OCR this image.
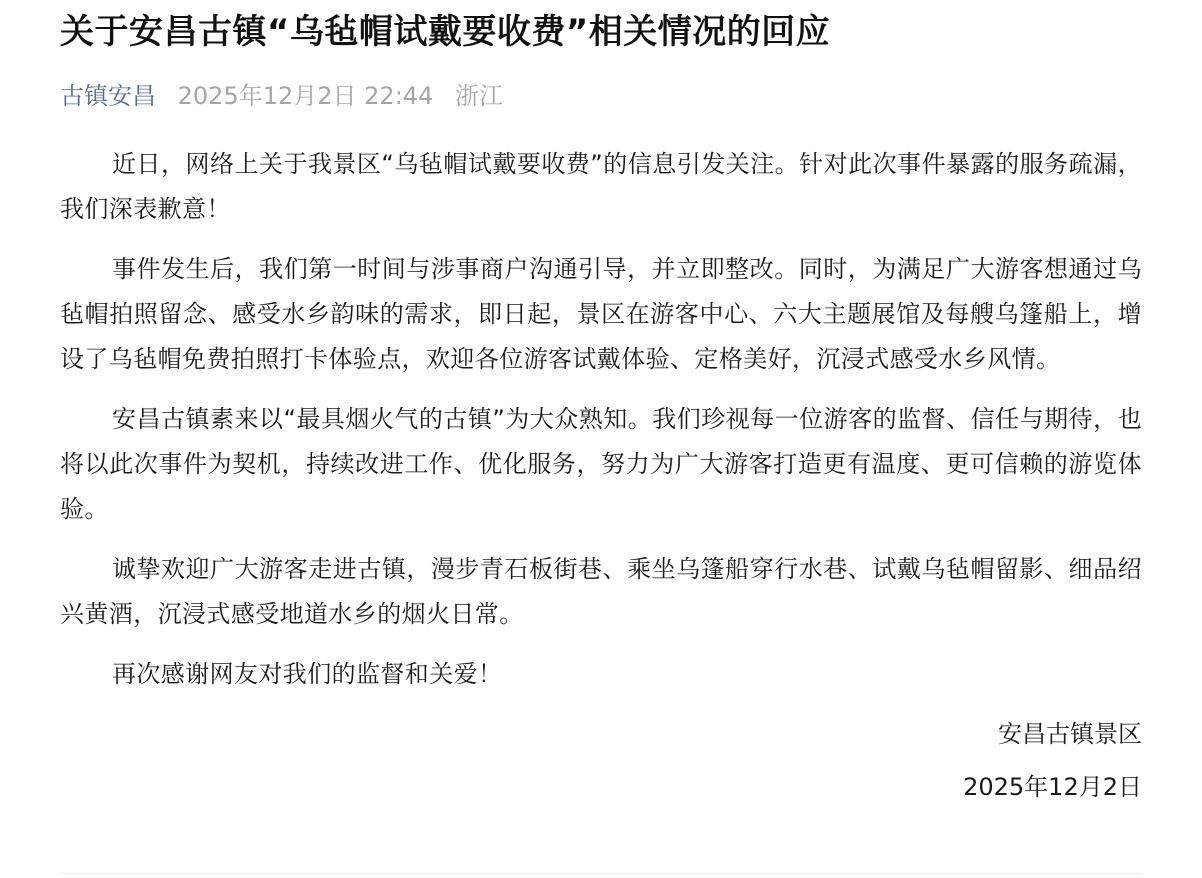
关于安昌古镇“乌毡帽试戴要收费”相关情况的回应
古镇安昌 2025年12月2日 22:44 浙江

近日，网络上关于我景区“乌毡帽试戴要收费”的信息引发关注。针对此次事件暴露的服务疏漏，我们深表歉意！

事件发生后，我们第一时间与涉事商户沟通引导，并立即整改。同时，为满足广大游客想通过乌毡帽拍照留念、感受水乡韵味的需求，即日起，景区在游客中心、六大主题展馆及每艘乌篷船上，增设了乌毡帽免费拍照打卡体验点，欢迎各位游客试戴体验、定格美好，沉浸式感受水乡风情。

安昌古镇素来以“最具烟火气的古镇”为大众熟知。我们珍视每一位游客的监督、信任与期待，也将以此次事件为契机，持续改进工作、优化服务，努力为广大游客打造更有温度、更可信赖的游览体验。

诚挚欢迎广大游客走进古镇，漫步青石板街巷、乘坐乌篷船穿行水巷、试戴乌毡帽留影、细品绍兴黄酒，沉浸式感受地道水乡的烟火日常。

再次感谢网友对我们的监督和关爱！

安昌古镇景区

2025年12月2日
